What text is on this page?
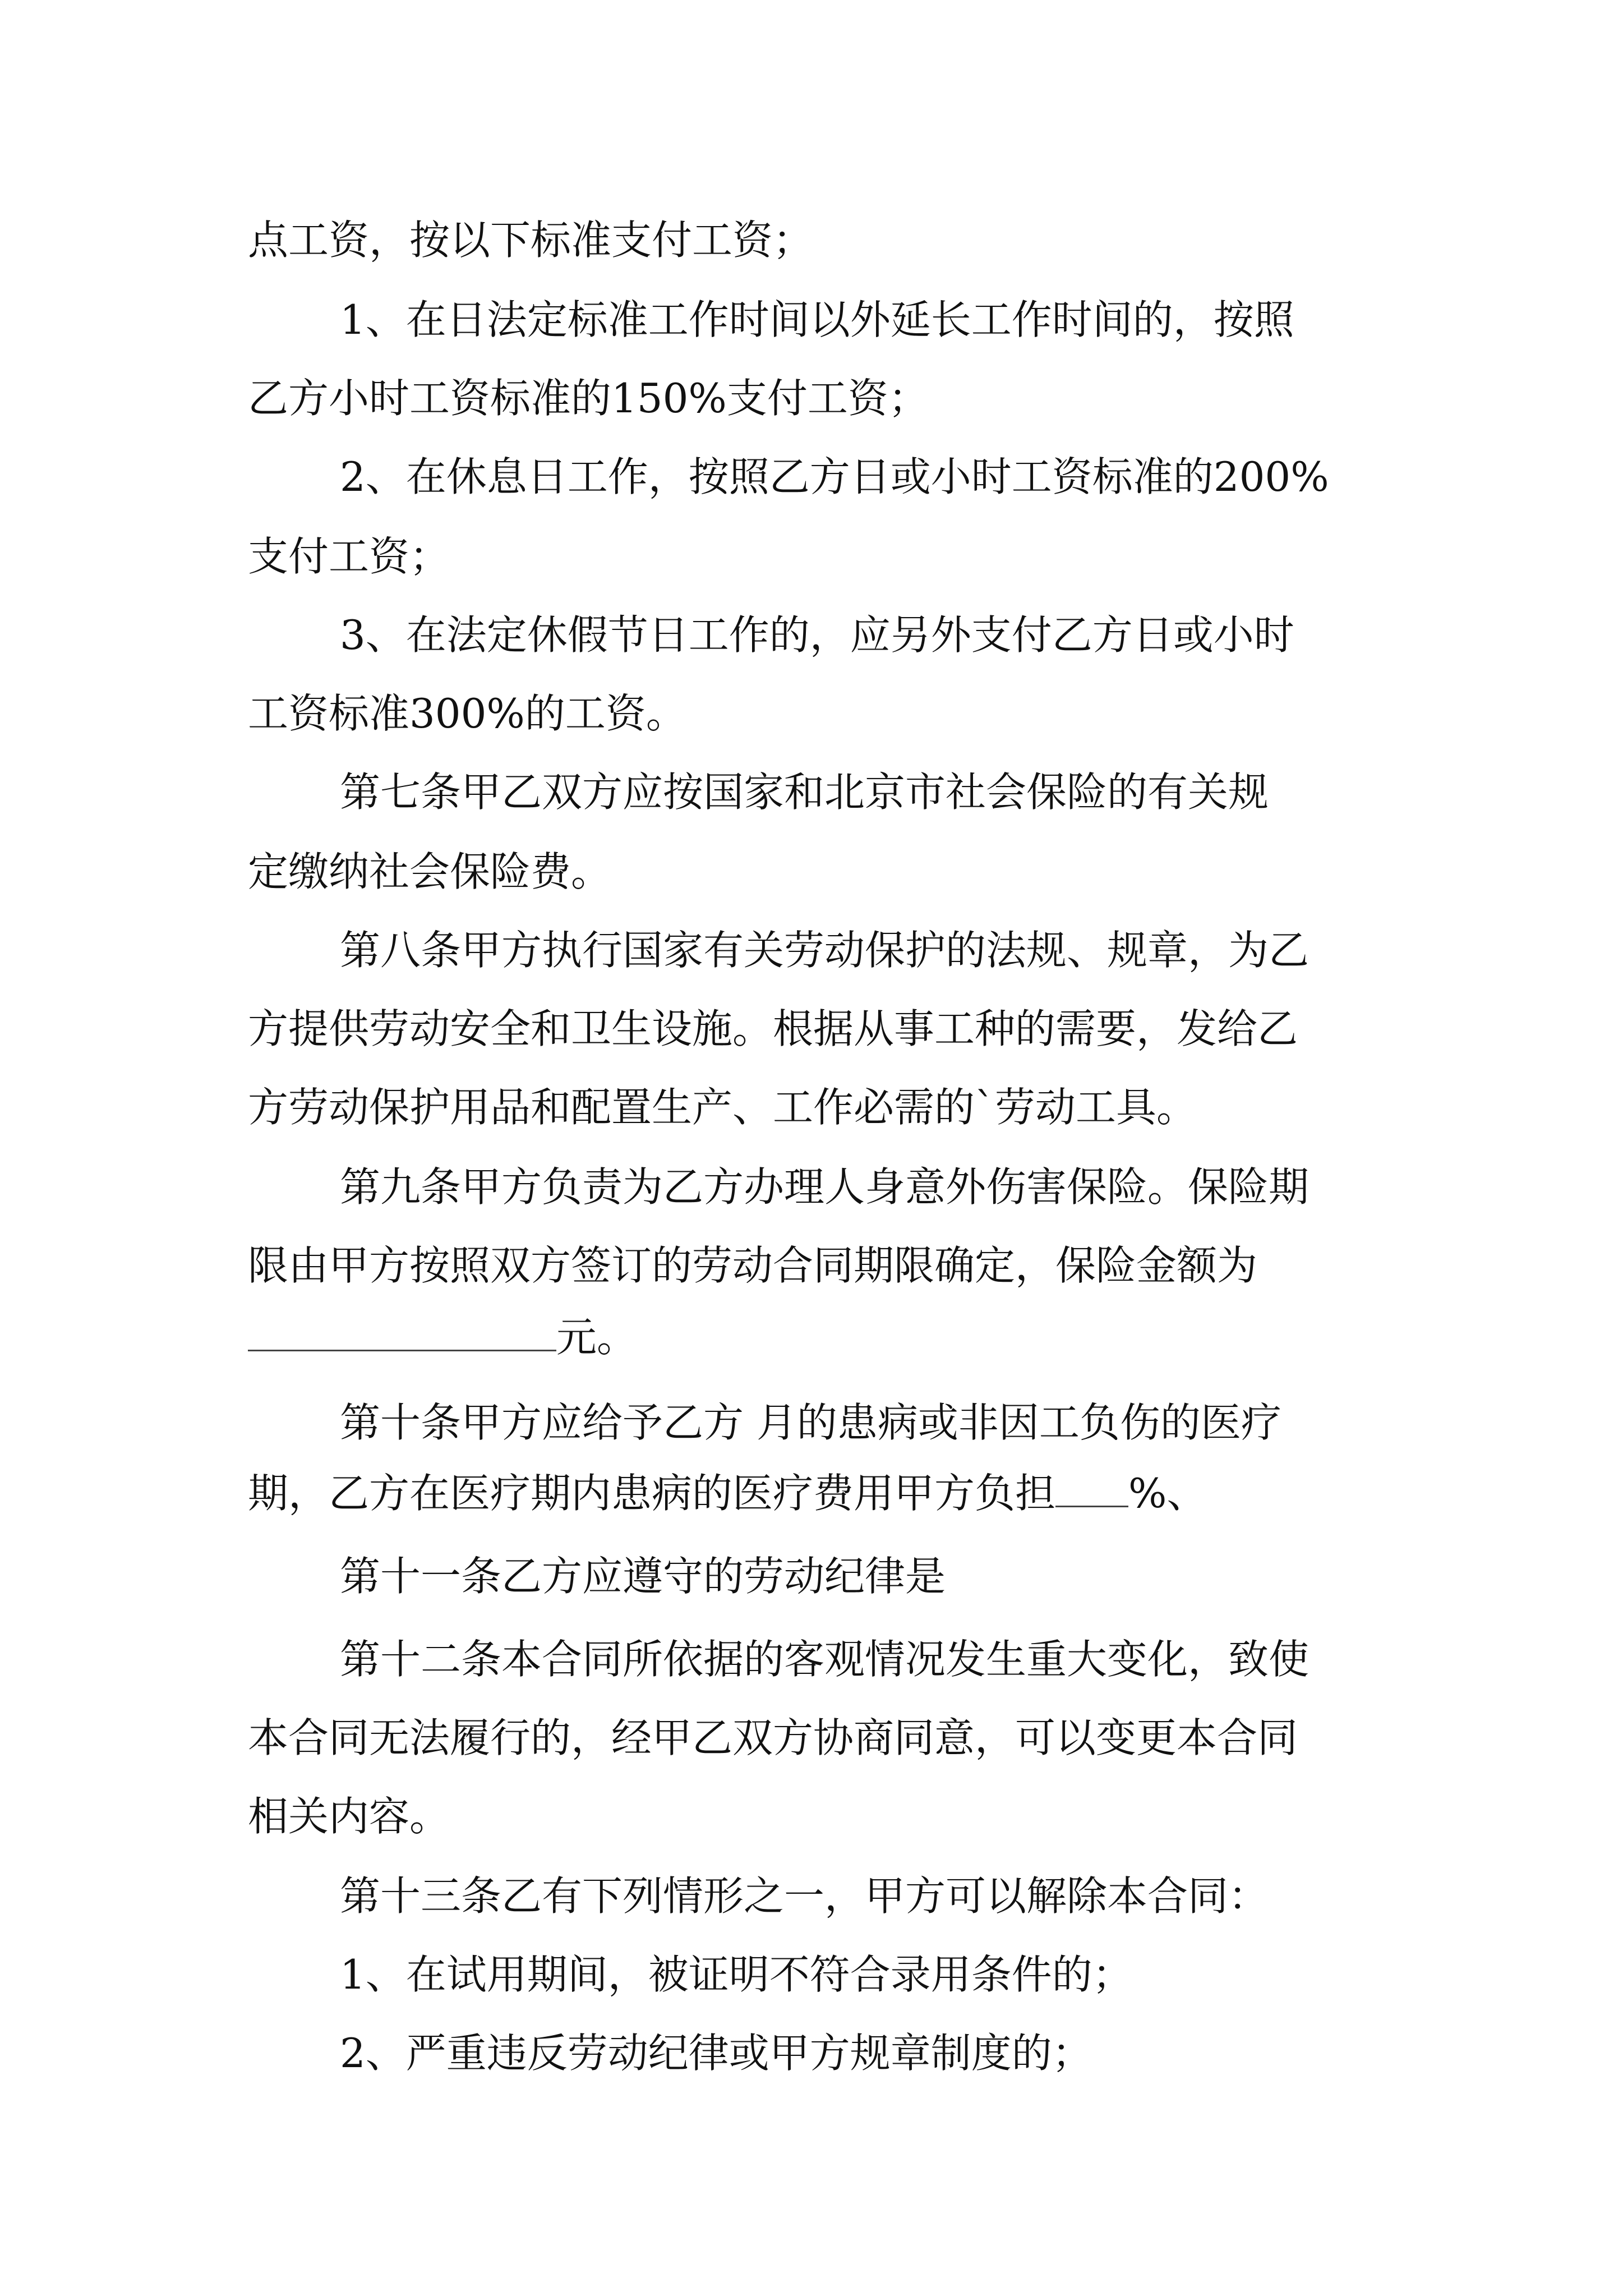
点工资，按以下标准支付工资；

1、在日法定标准工作时间以外延长工作时间的，按照

乙方小时工资标准的150%支付工资；

2、在休息日工作，按照乙方日或小时工资标准的200%

支付工资；

3、在法定休假节日工作的，应另外支付乙方日或小时

工资标准300%的工资。

第七条甲乙双方应按国家和北京市社会保险的有关规

定缴纳社会保险费。

第八条甲方执行国家有关劳动保护的法规、规章，为乙

方提供劳动安全和卫生设施。根据从事工种的需要，发给乙

方劳动保护用品和配置生产、工作必需的`劳动工具。

第九条甲方负责为乙方办理人身意外伤害保险。保险期

限由甲方按照双方签订的劳动合同期限确定，保险金额为

元。

第十条甲方应给予乙方 月的患病或非因工负伤的医疗

期，乙方在医疗期内患病的医疗费用甲方负担 %、

第十一条乙方应遵守的劳动纪律是

第十二条本合同所依据的客观情况发生重大变化，致使

本合同无法履行的，经甲乙双方协商同意，可以变更本合同

相关内容。

第十三条乙有下列情形之一，甲方可以解除本合同：

1、在试用期间，被证明不符合录用条件的；

2、严重违反劳动纪律或甲方规章制度的；
